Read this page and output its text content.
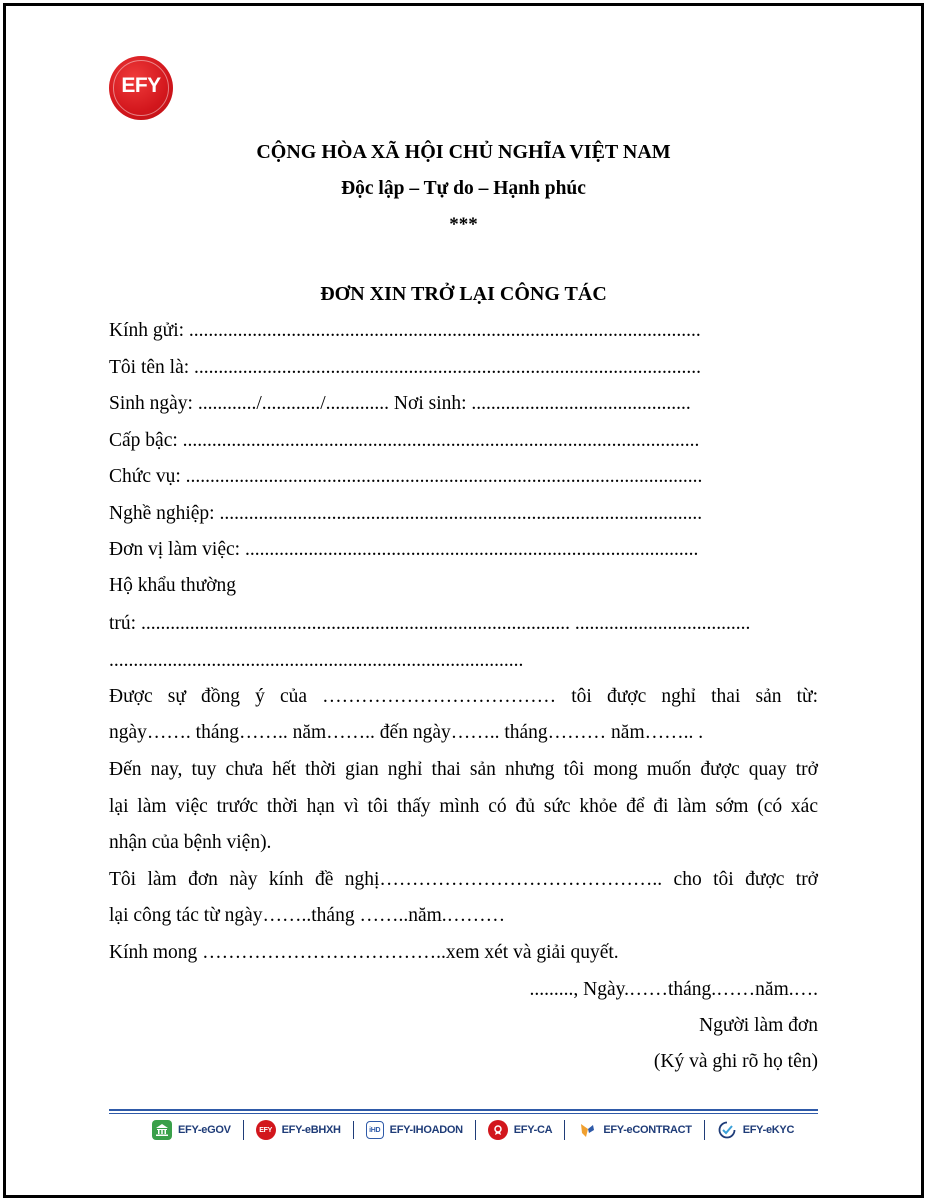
EFY
CỘNG HÒA XÃ HỘI CHỦ NGHĨA VIỆT NAM
Độc lập – Tự do – Hạnh phúc
***
ĐƠN XIN TRỞ LẠI CÔNG TÁC
Kính gửi: .........................................................................................................
Tôi tên là: ........................................................................................................
Sinh ngày: ............/............/............. Nơi sinh: .............................................
Cấp bậc: ..........................................................................................................
Chức vụ: ..........................................................................................................
Nghề nghiệp: ...................................................................................................
Đơn vị làm việc: .............................................................................................
Hộ khẩu thường
trú: ........................................................................................ ....................................
.....................................................................................
Được sự đồng ý của ……………………………… tôi được nghỉ thai sản từ:
ngày……. tháng…….. năm…….. đến ngày…….. tháng……… năm…….. .
Đến nay, tuy chưa hết thời gian nghỉ thai sản nhưng tôi mong muốn được quay trở
lại làm việc trước thời hạn vì tôi thấy mình có đủ sức khỏe để đi làm sớm (có xác
nhận của bệnh viện).
Tôi làm đơn này kính đề nghị…………………………………….. cho tôi được trở
lại công tác từ ngày……..tháng ……..năm.………
Kính mong ………………………………..xem xét và giải quyết.
........., Ngày.……tháng.……năm.….
Người làm đơn
(Ký và ghi rõ họ tên)
EFY-eGOV	EFY EFY-eBHXH	iHD EFY-IHOADON	EFY-CA	EFY-eCONTRACT	EFY-eKYC
